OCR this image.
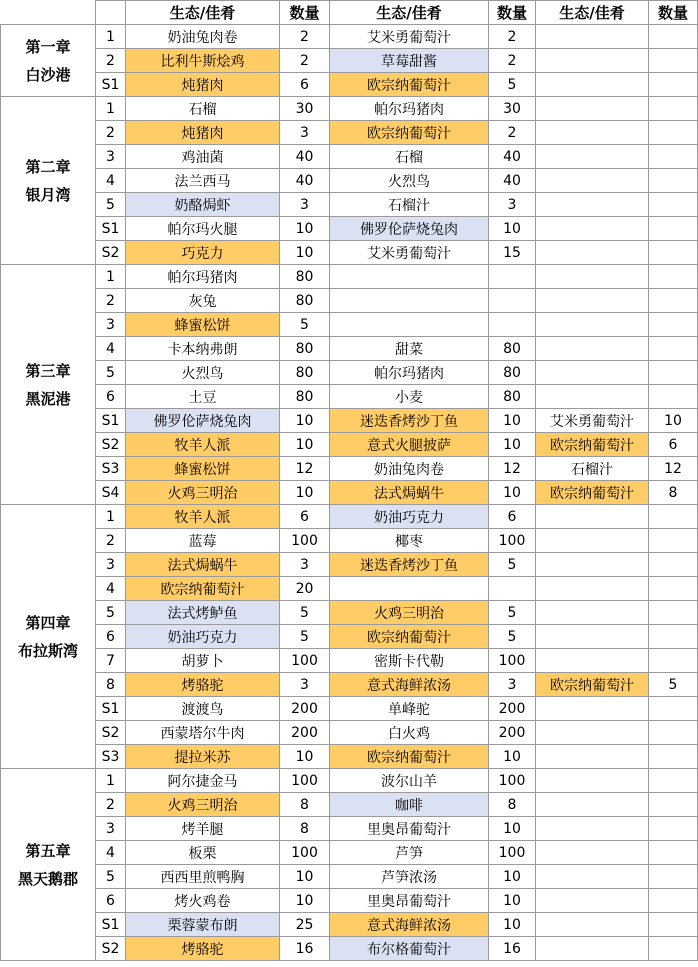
		生态/佳肴	数量	生态/佳肴	数量	生态/佳肴	数量

第一章
白沙港	1	奶油兔肉卷	2	艾米勇葡萄汁	2		
	2	比利牛斯烩鸡	2	草莓甜酱	2		
	S1	炖猪肉	6	欧宗纳葡萄汁	5		

第二章
银月湾	1	石榴	30	帕尔玛猪肉	30		
	2	炖猪肉	3	欧宗纳葡萄汁	2		
	3	鸡油菌	40	石榴	40		
	4	法兰西马	40	火烈鸟	40		
	5	奶酪焗虾	3	石榴汁	3		
	S1	帕尔玛火腿	10	佛罗伦萨烧兔肉	10		
	S2	巧克力	10	艾米勇葡萄汁	15		

第三章
黑泥港	1	帕尔玛猪肉	80				
	2	灰兔	80				
	3	蜂蜜松饼	5				
	4	卡本纳弗朗	80	甜菜	80		
	5	火烈鸟	80	帕尔玛猪肉	80		
	6	土豆	80	小麦	80		
	S1	佛罗伦萨烧兔肉	10	迷迭香烤沙丁鱼	10	艾米勇葡萄汁	10
	S2	牧羊人派	10	意式火腿披萨	10	欧宗纳葡萄汁	6
	S3	蜂蜜松饼	12	奶油兔肉卷	12	石榴汁	12
	S4	火鸡三明治	10	法式焗蜗牛	10	欧宗纳葡萄汁	8

第四章
布拉斯湾	1	牧羊人派	6	奶油巧克力	6		
	2	蓝莓	100	椰枣	100		
	3	法式焗蜗牛	3	迷迭香烤沙丁鱼	5		
	4	欧宗纳葡萄汁	20				
	5	法式烤鲈鱼	5	火鸡三明治	5		
	6	奶油巧克力	5	欧宗纳葡萄汁	5		
	7	胡萝卜	100	密斯卡代勒	100		
	8	烤骆驼	3	意式海鲜浓汤	3	欧宗纳葡萄汁	5
	S1	渡渡鸟	200	单峰驼	200		
	S2	西蒙塔尔牛肉	200	白火鸡	200		
	S3	提拉米苏	10	欧宗纳葡萄汁	10		

第五章
黑天鹅郡	1	阿尔捷金马	100	波尔山羊	100		
	2	火鸡三明治	8	咖啡	8		
	3	烤羊腿	8	里奥昂葡萄汁	10		
	4	板栗	100	芦笋	100		
	5	西西里煎鸭胸	10	芦笋浓汤	10		
	6	烤火鸡卷	10	里奥昂葡萄汁	10		
	S1	栗蓉蒙布朗	25	意式海鲜浓汤	10		
	S2	烤骆驼	16	布尔格葡萄汁	16		
